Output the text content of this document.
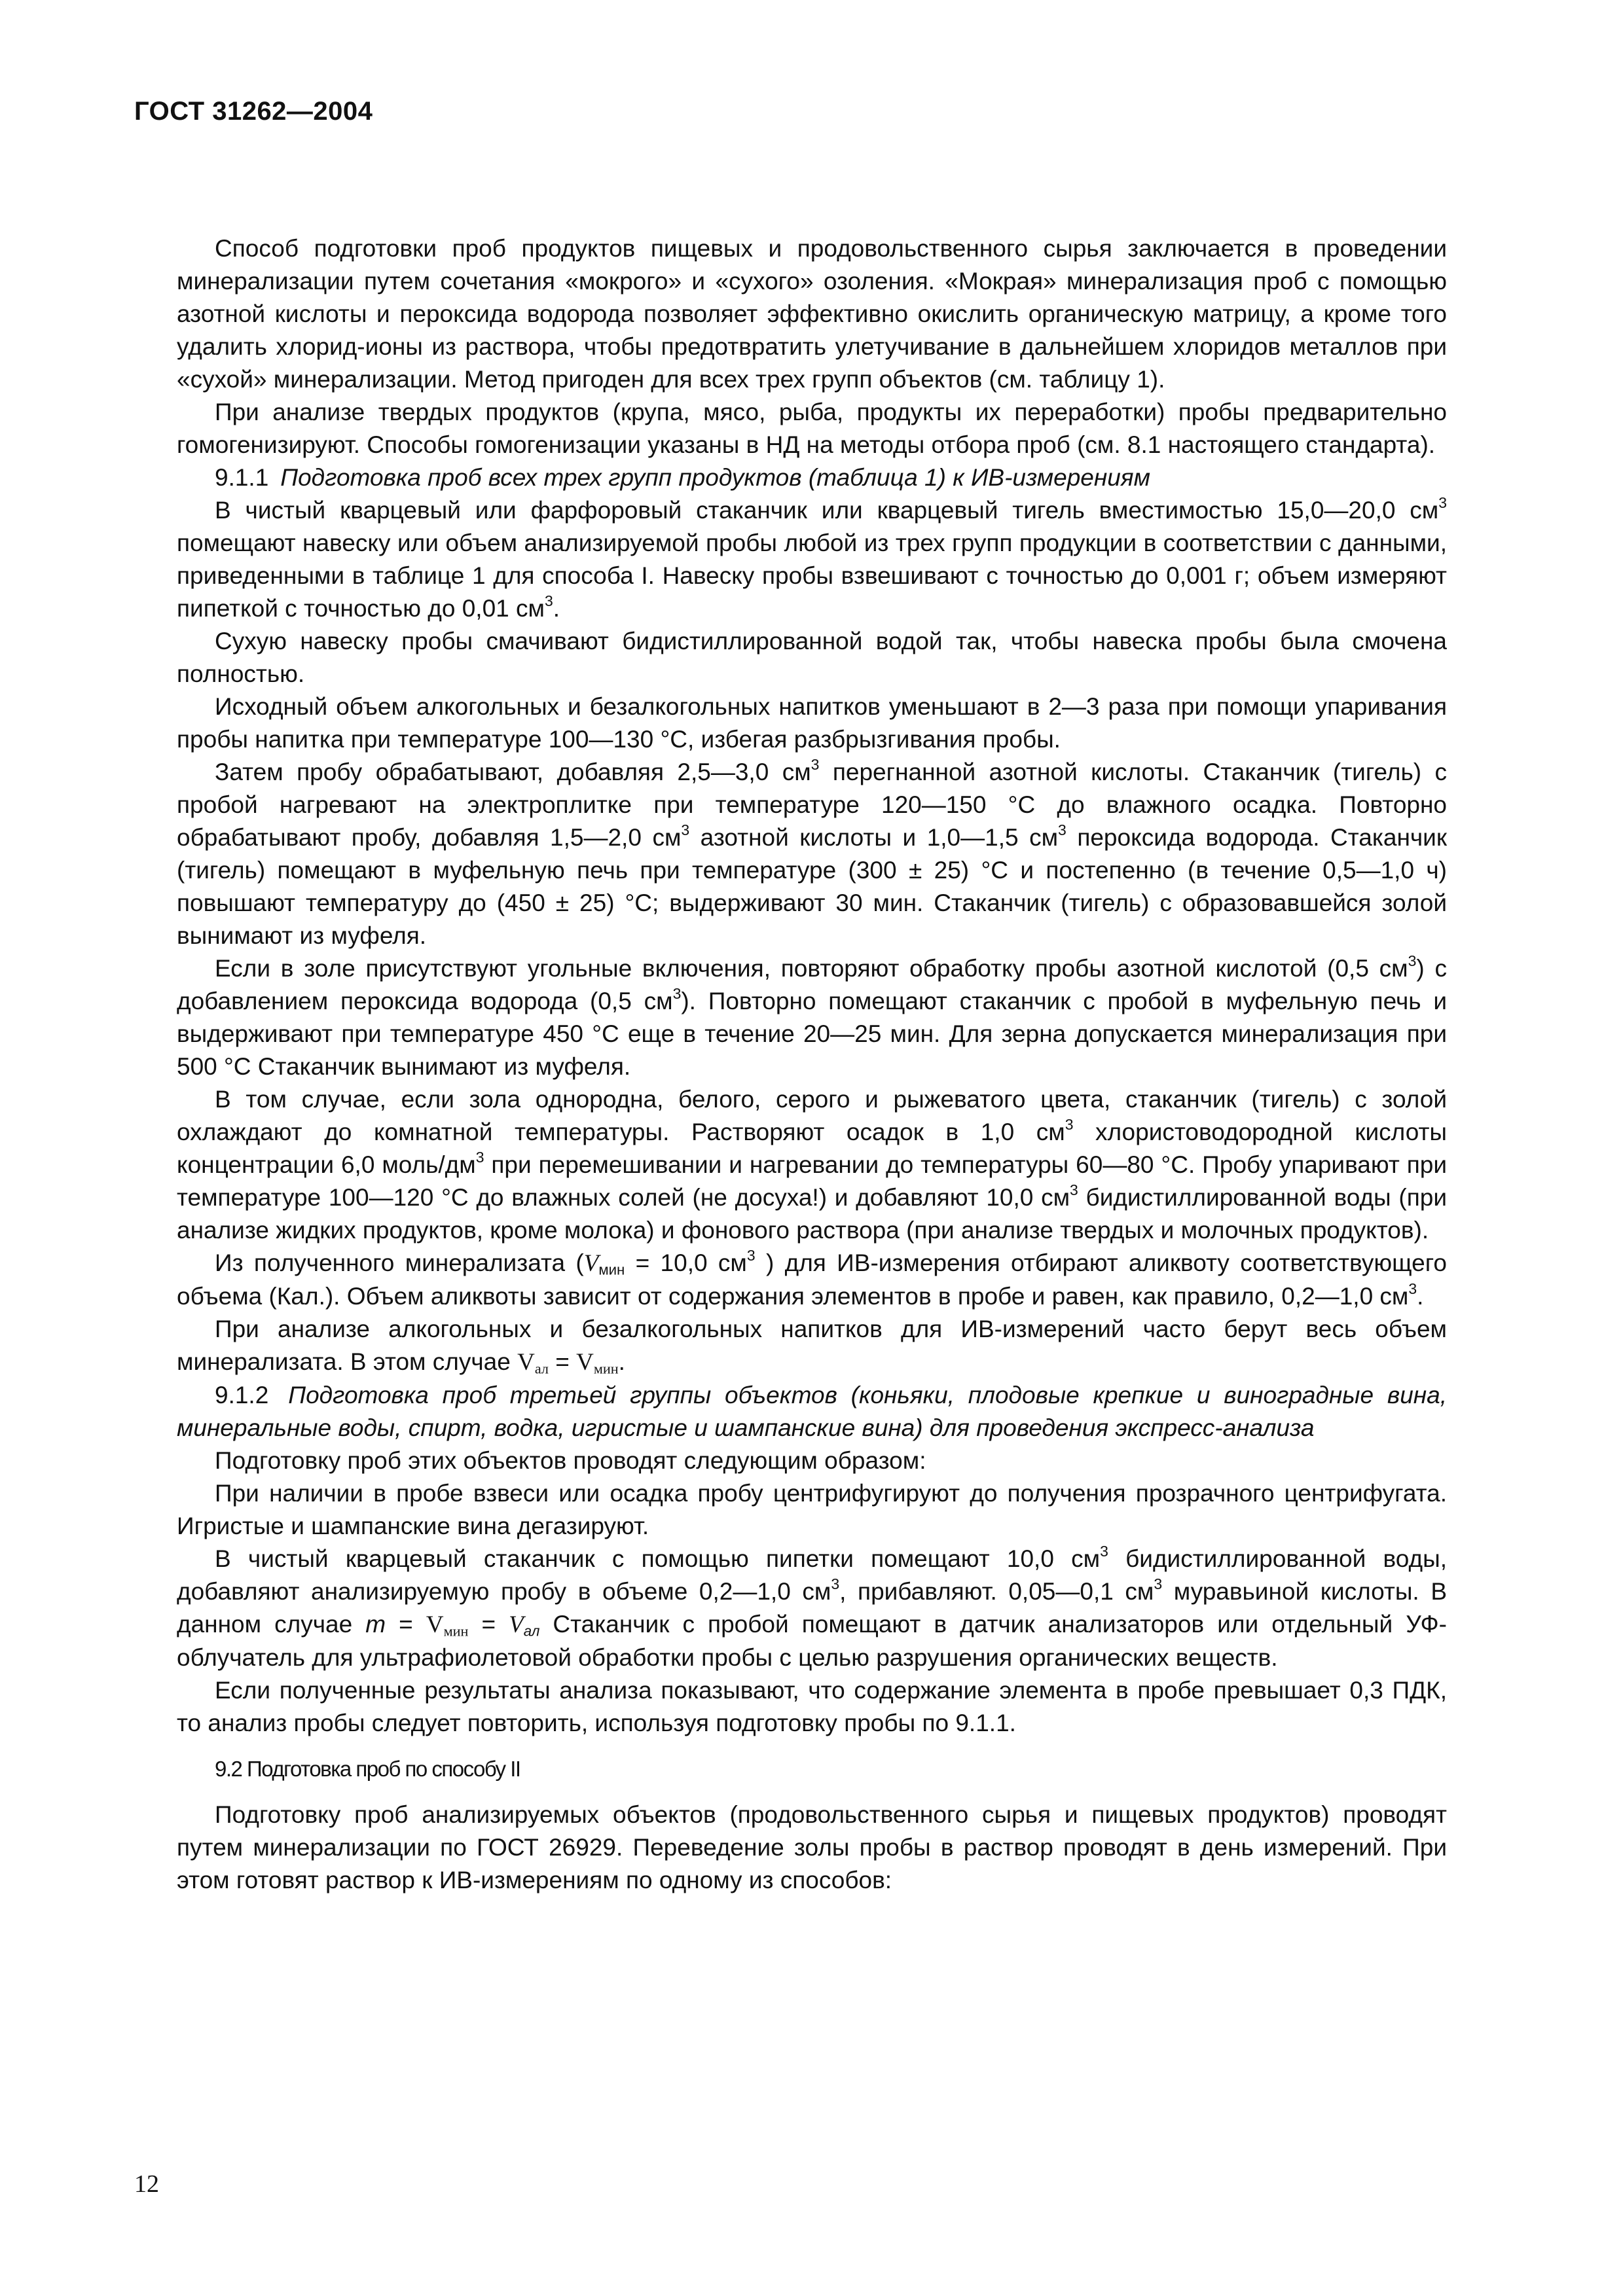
ГОСТ 31262—2004

Способ подготовки проб продуктов пищевых и продовольственного сырья заключается в проведении минерализации путем сочетания «мокрого» и «сухого» озоления. «Мокрая» минерализация проб с помощью азотной кислоты и пероксида водорода позволяет эффективно окислить органическую матрицу, а кроме того удалить хлорид-ионы из раствора, чтобы предотвратить улетучивание в дальнейшем хлоридов металлов при «сухой» минерализации. Метод пригоден для всех трех групп объектов (см. таблицу 1).

При анализе твердых продуктов (крупа, мясо, рыба, продукты их переработки) пробы предварительно гомогенизируют. Способы гомогенизации указаны в НД на методы отбора проб (см. 8.1 настоящего стандарта).

9.1.1 Подготовка проб всех трех групп продуктов (таблица 1) к ИВ-измерениям

В чистый кварцевый или фарфоровый стаканчик или кварцевый тигель вместимостью 15,0—20,0 $см^3$ помещают навеску или объем анализируемой пробы любой из трех групп продукции в соответствии с данными, приведенными в таблице 1 для способа I. Навеску пробы взвешивают с точностью до 0,001 г; объем измеряют пипеткой с точностью до 0,01 $см^3$.

Сухую навеску пробы смачивают бидистиллированной водой так, чтобы навеска пробы была смочена полностью.

Исходный объем алкогольных и безалкогольных напитков уменьшают в 2—3 раза при помощи упаривания пробы напитка при температуре 100—130 °С, избегая разбрызгивания пробы.

Затем пробу обрабатывают, добавляя 2,5—3,0 $см^3$ перегнанной азотной кислоты. Стаканчик (тигель) с пробой нагревают на электроплитке при температуре 120—150 °С до влажного осадка. Повторно обрабатывают пробу, добавляя 1,5—2,0 $см^3$ азотной кислоты и 1,0—1,5 $см^3$ пероксида водорода. Стаканчик (тигель) помещают в муфельную печь при температуре (300 ± 25) °С и постепенно (в течение 0,5—1,0 ч) повышают температуру до (450 ± 25) °С; выдерживают 30 мин. Стаканчик (тигель) с образовавшейся золой вынимают из муфеля.

Если в золе присутствуют угольные включения, повторяют обработку пробы азотной кислотой (0,5 $см^3$) с добавлением пероксида водорода (0,5 $см^3$). Повторно помещают стаканчик с пробой в муфельную печь и выдерживают при температуре 450 °С еще в течение 20—25 мин. Для зерна допускается минерализация при 500 °С Стаканчик вынимают из муфеля.

В том случае, если зола однородна, белого, серого и рыжеватого цвета, стаканчик (тигель) с золой охлаждают до комнатной температуры. Растворяют осадок в 1,0 $см^3$ хлористоводородной кислоты концентрации 6,0 моль/$дм^3$ при перемешивании и нагревании до температуры 60—80 °С. Пробу упаривают при температуре 100—120 °С до влажных солей (не досуха!) и добавляют 10,0 $см^3$ бидистиллированной воды (при анализе жидких продуктов, кроме молока) и фонового раствора (при анализе твердых и молочных продуктов).

Из полученного минерализата ($V_{мин} = 10,0$ $см^3$ ) для ИВ-измерения отбирают аликвоту соответствующего объема (Кал.). Объем аликвоты зависит от содержания элементов в пробе и равен, как правило, 0,2—1,0 $см^3$.

При анализе алкогольных и безалкогольных напитков для ИВ-измерений часто берут весь объем минерализата. В этом случае $V_{ал} = V_{мин}$.

9.1.2 Подготовка проб третьей группы объектов (коньяки, плодовые крепкие и виноградные вина, минеральные воды, спирт, водка, игристые и шампанские вина) для проведения экспресс-анализа

Подготовку проб этих объектов проводят следующим образом:

При наличии в пробе взвеси или осадка пробу центрифугируют до получения прозрачного центрифугата. Игристые и шампанские вина дегазируют.

В чистый кварцевый стаканчик с помощью пипетки помещают 10,0 $см^3$ бидистиллированной воды, добавляют анализируемую пробу в объеме 0,2—1,0 $см^3$, прибавляют. 0,05—0,1 $см^3$ муравьиной кислоты. В данном случае $m = V_{мин} = V_{ал}$ Стаканчик с пробой помещают в датчик анализаторов или отдельный УФ-облучатель для ультрафиолетовой обработки пробы с целью разрушения органических веществ.

Если полученные результаты анализа показывают, что содержание элемента в пробе превышает 0,3 ПДК, то анализ пробы следует повторить, используя подготовку пробы по 9.1.1.

9.2 Подготовка проб по способу II

Подготовку проб анализируемых объектов (продовольственного сырья и пищевых продуктов) проводят путем минерализации по ГОСТ 26929. Переведение золы пробы в раствор проводят в день измерений. При этом готовят раствор к ИВ-измерениям по одному из способов:

12
